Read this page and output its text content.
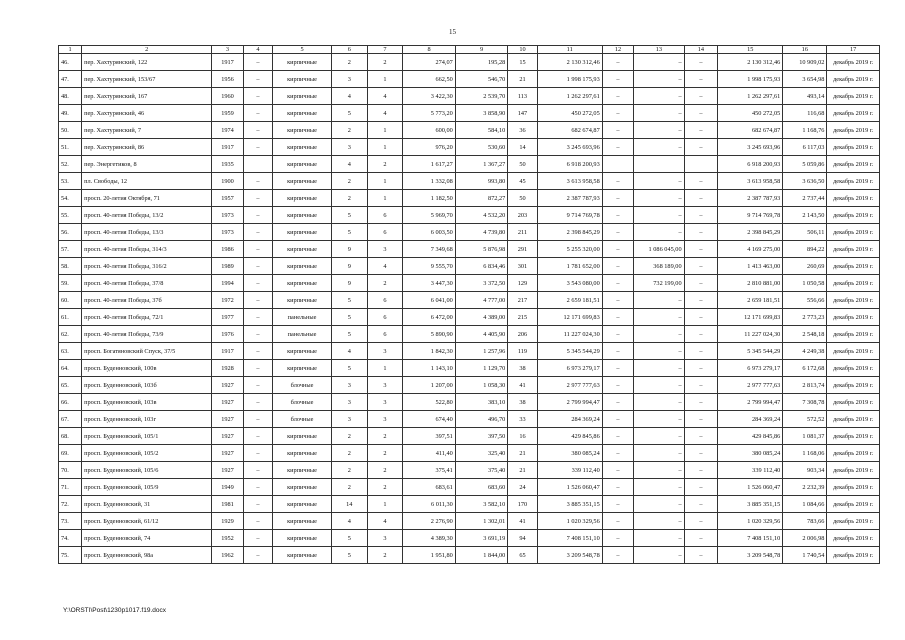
15
1	2	3	4	5	6	7	8	9	10	11	12	13	14	15	16	17
46.	пер. Хахтурянский, 122	1917	–	кирпичные	2	2	274,07	195,28	15	2 130 312,46	–	–	–	2 130 312,46	10 909,02	декабрь 2019 г.
47.	пер. Хахтурянский, 153/67	1956	–	кирпичные	3	1	662,50	546,70	21	1 998 175,93	–	–	–	1 998 175,93	3 654,98	декабрь 2019 г.
48.	пер. Хахтурянский, 167	1960	–	кирпичные	4	4	3 422,30	2 539,70	113	1 262 297,61	–	–	–	1 262 297,61	493,14	декабрь 2019 г.
49.	пер. Хахтурянский, 46	1959	–	кирпичные	5	4	5 773,20	3 858,90	147	450 272,05	–	–	–	450 272,05	116,68	декабрь 2019 г.
50.	пер. Хахтурянский, 7	1974	–	кирпичные	2	1	600,00	584,10	36	682 674,87	–	–	–	682 674,87	1 168,76	декабрь 2019 г.
51.	пер. Хахтурянский, 86	1917	–	кирпичные	3	1	976,20	530,60	14	3 245 693,96	–	–	–	3 245 693,96	6 117,03	декабрь 2019 г.
52.	пер. Энергетиков, 8	1935		кирпичные	4	2	1 617,27	1 367,27	50	6 918 200,93				6 918 200,93	5 059,86	декабрь 2019 г.
53.	пл. Свободы, 12	1900	–	кирпичные	2	1	1 332,08	993,80	45	3 613 958,58	–	–	–	3 613 958,58	3 636,50	декабрь 2019 г.
54.	просп. 20-летия Октября, 71	1957	–	кирпичные	2	1	1 182,50	872,27	50	2 387 787,93	–	–	–	2 387 787,93	2 737,44	декабрь 2019 г.
55.	просп. 40-летия Победы, 13/2	1973	–	кирпичные	5	6	5 969,70	4 532,20	203	9 714 769,78	–	–	–	9 714 769,78	2 143,50	декабрь 2019 г.
56.	просп. 40-летия Победы, 13/3	1973	–	кирпичные	5	6	6 003,50	4 739,80	211	2 398 845,29	–	–	–	2 398 845,29	506,11	декабрь 2019 г.
57.	просп. 40-летия Победы, 314/3	1986	–	кирпичные	9	3	7 349,68	5 876,98	291	5 255 320,00	–	1 086 045,00	–	4 169 275,00	894,22	декабрь 2019 г.
58.	просп. 40-летия Победы, 316/2	1989	–	кирпичные	9	4	9 555,70	6 834,46	301	1 781 652,00	–	368 189,00	–	1 413 463,00	260,69	декабрь 2019 г.
59.	просп. 40-летия Победы, 37/8	1994	–	кирпичные	9	2	3 447,30	3 372,50	129	3 543 080,00	–	732 199,00	–	2 810 881,00	1 050,58	декабрь 2019 г.
60.	просп. 40-летия Победы, 37б	1972	–	кирпичные	5	6	6 041,00	4 777,00	217	2 659 181,51	–	–	–	2 659 181,51	556,66	декабрь 2019 г.
61.	просп. 40-летия Победы, 72/1	1977	–	панельные	5	6	6 472,00	4 389,00	215	12 171 699,83	–	–	–	12 171 699,83	2 773,23	декабрь 2019 г.
62.	просп. 40-летия Победы, 73/9	1976	–	панельные	5	6	5 890,90	4 405,90	206	11 227 024,30	–	–	–	11 227 024,30	2 548,18	декабрь 2019 г.
63.	просп. Богатяновский Спуск, 37/5	1917	–	кирпичные	4	3	1 842,30	1 257,96	119	5 345 544,29	–	–	–	5 345 544,29	4 249,38	декабрь 2019 г.
64.	просп. Буденновский, 100в	1928	–	кирпичные	5	1	1 143,10	1 129,70	38	6 973 279,17	–	–	–	6 973 279,17	6 172,68	декабрь 2019 г.
65.	просп. Буденновский, 103б	1927	–	блочные	3	3	1 207,00	1 058,30	41	2 977 777,63	–	–	–	2 977 777,63	2 813,74	декабрь 2019 г.
66.	просп. Буденновский, 103в	1927	–	блочные	3	3	522,80	383,10	38	2 799 994,47	–	–	–	2 799 994,47	7 308,78	декабрь 2019 г.
67.	просп. Буденновский, 103г	1927	–	блочные	3	3	674,40	496,70	33	284 369,24	–	–	–	284 369,24	572,52	декабрь 2019 г.
68.	просп. Буденновский, 105/1	1927	–	кирпичные	2	2	397,51	397,50	16	429 845,86	–	–	–	429 845,86	1 081,37	декабрь 2019 г.
69.	просп. Буденновский, 105/2	1927	–	кирпичные	2	2	411,40	325,40	21	380 085,24	–	–	–	380 085,24	1 168,06	декабрь 2019 г.
70.	просп. Буденновский, 105/6	1927	–	кирпичные	2	2	375,41	375,40	21	339 112,40	–	–	–	339 112,40	903,34	декабрь 2019 г.
71.	просп. Буденновский, 105/9	1949	–	кирпичные	2	2	683,61	683,60	24	1 526 060,47	–	–	–	1 526 060,47	2 232,39	декабрь 2019 г.
72.	просп. Буденновский, 31	1981	–	кирпичные	14	1	6 011,30	3 582,10	170	3 885 351,15	–	–	–	3 885 351,15	1 084,66	декабрь 2019 г.
73.	просп. Буденновский, 61/12	1929	–	кирпичные	4	4	2 276,90	1 302,01	41	1 020 329,56	–	–	–	1 020 329,56	783,66	декабрь 2019 г.
74.	просп. Буденновский, 74	1952	–	кирпичные	5	3	4 389,30	3 691,19	94	7 408 151,10	–	–	–	7 408 151,10	2 006,98	декабрь 2019 г.
75.	просп. Буденновский, 98а	1962	–	кирпичные	5	2	1 951,80	1 844,00	65	3 209 548,78	–	–	–	3 209 548,78	1 740,54	декабрь 2019 г.
Y:\ORSTI\Post\1230p1017.f19.docx
